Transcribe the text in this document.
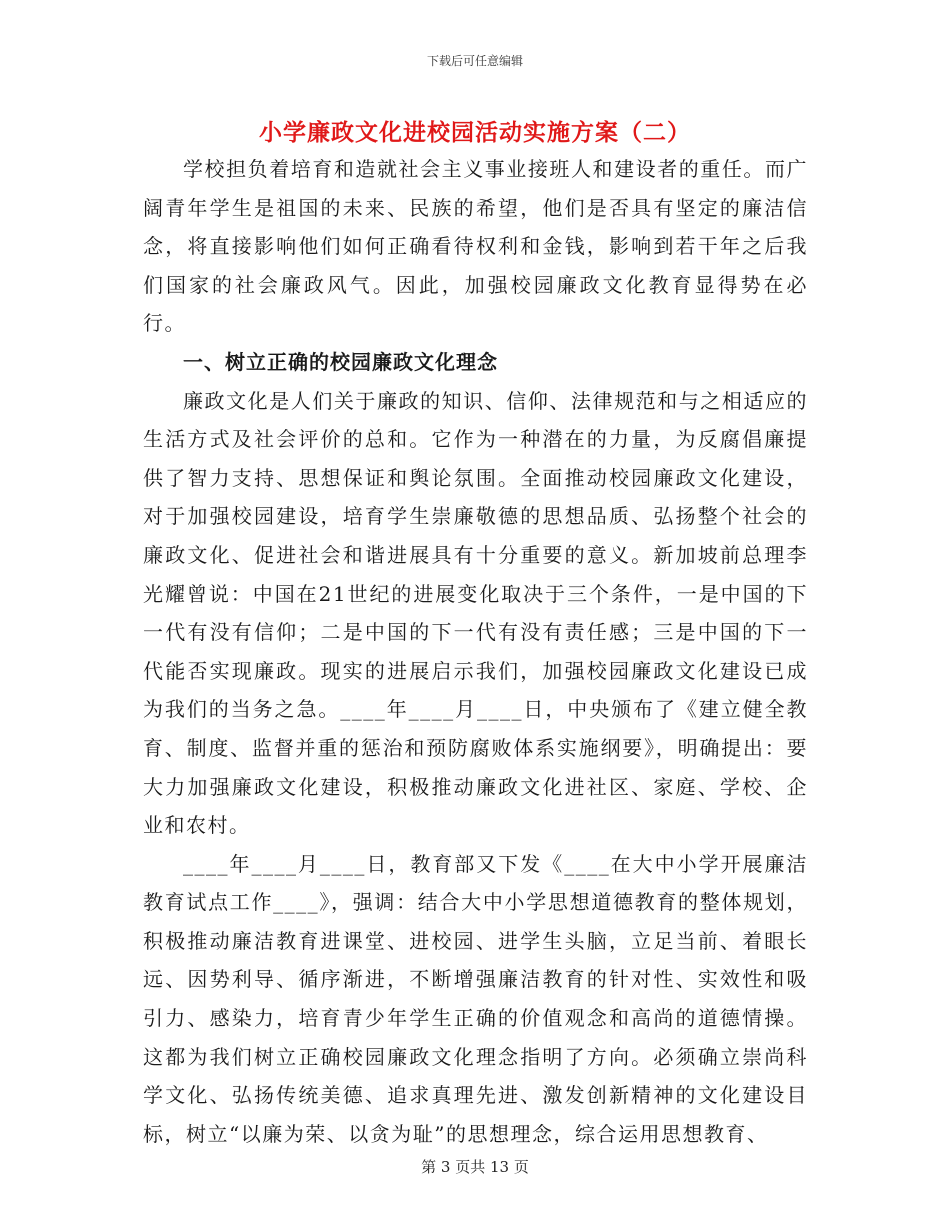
下载后可任意编辑
小学廉政文化进校园活动实施方案（二）

学校担负着培育和造就社会主义事业接班人和建设者的重任。而广阔青年学生是祖国的未来、民族的希望，他们是否具有坚定的廉洁信念，将直接影响他们如何正确看待权利和金钱，影响到若干年之后我们国家的社会廉政风气。因此，加强校园廉政文化教育显得势在必行。

一、树立正确的校园廉政文化理念

廉政文化是人们关于廉政的知识、信仰、法律规范和与之相适应的生活方式及社会评价的总和。它作为一种潜在的力量，为反腐倡廉提供了智力支持、思想保证和舆论氛围。全面推动校园廉政文化建设，对于加强校园建设，培育学生崇廉敬德的思想品质、弘扬整个社会的廉政文化、促进社会和谐进展具有十分重要的意义。新加坡前总理李光耀曾说：中国在21世纪的进展变化取决于三个条件，一是中国的下一代有没有信仰；二是中国的下一代有没有责任感；三是中国的下一代能否实现廉政。现实的进展启示我们，加强校园廉政文化建设已成为我们的当务之急。____年____月____日，中央颁布了《建立健全教育、制度、监督并重的惩治和预防腐败体系实施纲要》，明确提出：要大力加强廉政文化建设，积极推动廉政文化进社区、家庭、学校、企业和农村。

____年____月____日，教育部又下发《____在大中小学开展廉洁教育试点工作____》，强调：结合大中小学思想道德教育的整体规划，积极推动廉洁教育进课堂、进校园、进学生头脑，立足当前、着眼长远、因势利导、循序渐进，不断增强廉洁教育的针对性、实效性和吸引力、感染力，培育青少年学生正确的价值观念和高尚的道德情操。这都为我们树立正确校园廉政文化理念指明了方向。必须确立崇尚科学文化、弘扬传统美德、追求真理先进、激发创新精神的文化建设目标，树立“以廉为荣、以贪为耻”的思想理念，综合运用思想教育、

第 3 页共 13 页
